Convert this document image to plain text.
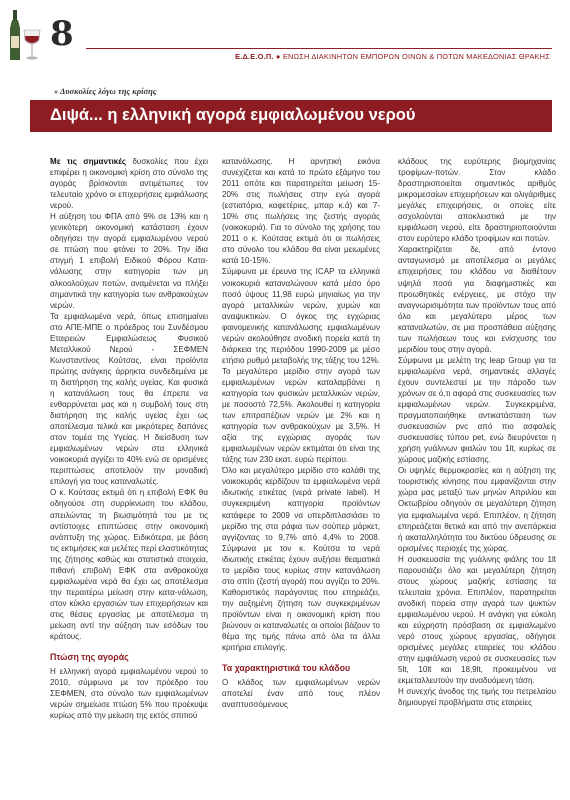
8
Ε.Δ.Ε.Ο.Π. ● ΕΝΩΣΗ ΔΙΑΚΙΝΗΤΩΝ ΕΜΠΟΡΩΝ ΟΙΝΩΝ & ΠΟΤΩΝ ΜΑΚΕΔΟΝΙΑΣ ΘΡΑΚΗΣ
» Δυσκολίες λόγω της κρίσης
Διψά... η ελληνική αγορά εμφιαλωμένου νερού

Με τις σημαντικές δυσκολίες που έχει επιφέρει η οικονομική κρίση στο σύνολο της αγοράς βρίσκονται αντιμέτωπες τον τελευταίο χρόνο οι επιχειρήσεις εμφιάλωσης νερού.

Η αύξηση του ΦΠΑ από 9% σε 13% και η γενικότερη οικονομική κατάσταση έχουν οδηγήσει την αγορά εμφιαλωμένου νερού σε πτώση που φτάνει το 20%. Την ίδια στιγμή 1 επιβολή Ειδικού Φόρου Κατα-νάλωσης στην κατηγορία των μη αλκοολούχων ποτών, αναμένεται να πλήξει σημαντικά την κατηγορία των ανθρακούχων νερών.

Τα εμφιαλωμένα νερά, όπως επισημαίνει στο ΑΠΕ-ΜΠΕ ο πρόεδρος του Συνδέσμου Εταιρειών Εμφιαλώσεως Φυσικού Μεταλλικού Νερού - ΣΕΦΜΕΝ Κωνσταντίνος Κούτσας, είναι προϊόντα πρώτης ανάγκης άρρηκτα συνδεδεμένα με τη διατήρηση της καλής υγείας. Και φυσικά η κατανάλωση τους θα έπρεπε να ενθαρρύνεται μας και η συμβολή τους στη διατήρηση της καλής υγείας έχει ως αποτέλεσμα τελικά και μικρότερες δαπάνες στον τομέα της Υγείας. Η διείσδυση των εμφιαλωμένων νερών στα ελληνικά νοικοκυριά αγγίζει το 40% ενώ σε ορισμένες περιπτώσεις αποτελούν την μοναδική επιλογή για τους καταναλωτές.

Ο κ. Κούτσας εκτιμά ότι η επιβολή ΕΦΚ θα οδηγούσε στη συρρίκνωση του κλάδου, απειλώντας τη βιωσιμότητά του με τις αντίστοιχες επιπτώσεις στην οικονομική ανάπτυξη της χώρας. Ειδικότερα, με βάση τις εκτιμήσεις και μελέτες περί ελαστικότητας της ζήτησης καθώς και στατιστικά στοιχεία, πιθανή επιβολή ΕΦΚ στα ανθρακούχα εμφιαλωμένα νερά θα έχει ως αποτέλεσμα την περαιτέρω μείωση στην κατα-νάλωση, στον κύκλο εργασιών των επιχειρήσεων και στις θέσεις εργασίας με αποτέλεσμα τη μείωση αντί την αύξηση των εσόδων του κράτους.

Πτώση της αγοράς

Η ελληνική αγορά εμφιαλωμένου νερού το 2010, σύμφωνα με τον πρόεδρο του ΣΕΦΜΕΝ, στο σύνολο των εμφιαλωμένων νερών σημείωσε πτώση 5% που προέκυψε κυρίως από την μείωση της εκτός σπιτιού

κατανάλωσης. Η αρνητική εικόνα συνεχίζεται και κατά το πρώτο εξάμηνο του 2011 οπότε και παρατηρείται μείωση 15-20% στις πωλήσεις στην εγώ αγορά (εστιατόρια, καφετέριες, μπαρ κ.ά) και 7-10% στις πωλήσεις της ζεστής αγοράς (νοικοκυριά). Για το σύνολο της χρήσης του 2011 ο κ. Κούτσας εκτιμά ότι οι πωλήσεις στο σύνολο του κλάδου θα είναι μειωμένες κατά 10-15%.

Σύμφωνα με έρευνα της ICAP τα ελληνικά νοικοκυριά καταναλώνουν κατά μέσο όρο ποσό ύψους 11,98 ευρώ μηνιαίως για την αγορά μεταλλικών νερών, χυμών και αναψυκτικών. Ο όγκος της εγχώριας φαινομενικής κατανάλωσης εμφιαλωμένων νερών ακολούθησε ανοδική πορεία κατά τη διάρκεια της περιόδου 1990-2009 με μέσο ετήσιο ρυθμό μεταβολής της τάξης του 12%. Το μεγαλύτερο μερίδιο στην αγορά των εμφιαλωμένων νερών καταλαμβάνει η κατηγορία των φυσικών μεταλλικών νερών, με ποσοστό 72,5%. Ακολουθεί η κατηγορία των επιτραπέζιων νερών με 2% και η κατηγορία των ανθρακούχων με 3,5%. Η αξία της εγχώριας αγοράς των εμφιαλωμένων νερών εκτιμάται ότι είναι της τάξης των 230 εκατ. ευρώ περίπου.

Όλο και μεγαλύτερο μερίδιο στο καλάθι της νοικοκυράς κερδίζουν τα εμφιαλωμένα νερά ιδιωτικής ετικέτας (νερά private label). Η συγκεκριμένη κατηγορία προϊόντων κατάφερε το 2009 να υπερδιπλασιάσει το μερίδιο της στα ράφια των σούπερ μάρκετ, αγγίζοντας το 9,7% από 4,4% το 2008. Σύμφωνα με τον κ. Κούτσα τα νερά ιδιωτικής ετικέτας έχουν αυξήσει θεαματικά το μερίδιο τους κυρίως στην κατανάλωση στο σπίτι (ζεστή αγορά) που αγγίζει το 20%. Καθοριστικός παράγοντας που επηρεάζει, την αυξημένη ζήτηση των συγκεκριμένων προϊόντων είναι η οικονομική κρίση που βιώνουν οι καταναλωτές οι οποίοι βάζουν το θέμα της τιμής πάνω από όλα τα άλλα κριτήρια επιλογής.

Τα χαρακτηριστικά του κλάδου

Ο κλάδος των εμφιαλωμένων νερών αποτελεί έναν από τους πλέον αναπτυσσόμενους

κλάδους της ευρύτερης βιομηχανίας τροφίμων-ποτών. Στον κλάδο δραστηριοποιείται σημαντικός αριθμός μικρομεσαίων επιχειρήσεων και ολιγάριθμες μεγάλες επιχειρήσεις, οι οποίες είτε ασχολούνται αποκλειστικά με την εμφιάλωση νερού, είτε δραστηριοποιούνται στον ευρύτερο κλάδο τροφίμων και ποτών.

Χαρακτηρίζεται δε, από έντονο ανταγωνισμό με αποτέλεσμα οι μεγάλες επιχειρήσεις του κλάδου να διαθέτουν υψηλά ποσά για διαφημιστικές και προωθητικές ενέργειες, με στόχο την αναγνωρισιμότητα των προϊόντων τους από όλο και μεγαλύτερο μέρος των καταναλωτών, σε μια προσπάθεια αύξησης των πωλήσεων τους και ενίσχυσης του μεριδίου τους στην αγορά.

Σύμφωνα με μελέτη της leap Group για τα εμφιαλωμένα νερά, σημαντικές αλλαγές έχουν συντελεστεί με την πάροδο των χρόνων σε ό,τι αφορά στις συσκευασίες των εμφιαλωμένων νερών. Συγκεκριμένα, πραγματοποιήθηκε αντικατάσταση των συσκευασιών pvc από πιο ασφαλείς συσκευασίες τύπου pet, ενώ διευρύνεται η χρήση γυάλινων φιαλών του 1lt, κυρίως σε χώρους μαζικής εστίασης.

Οι υψηλές θερμοκρασίες και η αύξηση της τουριστικής κίνησης που εμφανίζονται στην χώρα μας μεταξύ των μηνών Απριλίου και Οκτωβρίου οδηγούν σε μεγαλύτερη ζήτηση για εμφιαλωμένα νερά. Επιπλέον, η ζήτηση επηρεάζεται θετικά και από την ανεπάρκεια ή ακαταλληλότητα του δικτύου ύδρευσης σε ορισμένες περιοχές της χώρας.

Η συσκευασία της γυάλινης φιάλης του 1lt παρουσιάζει όλο και μεγαλύτερη ζήτηση στους χώρους μαζικής εστίασης τα τελευταία χρόνια. Επιπλέον, παρατηρείται ανοδική πορεία στην αγορά των ψυκτών εμφιαλωμένου νερού. Η ανάγκη για εύκολη και εύχρηστη πρόσβαση σε εμφιαλωμένο νερό στους χώρους εργασίας, οδήγησε ορισμένες μεγάλες εταιρείες του κλάδου στην εμφιάλωση νερού σε συσκευασίες των 5lt, 10lt και 18,9lt, προκειμένου να εκμεταλλευτούν την αναδυόμενη τάση.

Η συνεχής άνοδος της τιμής του πετρελαίου δημιουργεί προβλήματα στις εταιρείες
